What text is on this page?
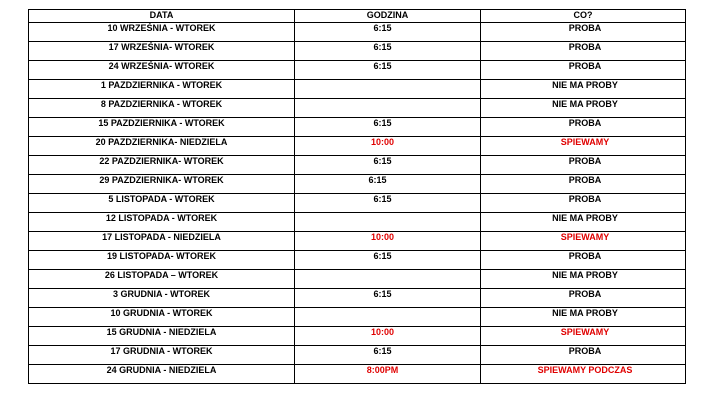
DATA	GODZINA	CO?
10 WRZEŚNIA - WTOREK	6:15	PROBA
17 WRZEŚNIA- WTOREK	6:15	PROBA
24 WRZEŚNIA- WTOREK	6:15	PROBA
1 PAZDZIERNIKA - WTOREK		NIE MA PROBY
8 PAZDZIERNIKA - WTOREK		NIE MA PROBY
15 PAZDZIERNIKA - WTOREK	6:15	PROBA
20 PAZDZIERNIKA- NIEDZIELA	10:00	SPIEWAMY
22 PAZDZIERNIKA- WTOREK	6:15	PROBA
29 PAZDZIERNIKA- WTOREK	6:15	PROBA
5 LISTOPADA - WTOREK	6:15	PROBA
12 LISTOPADA - WTOREK		NIE MA PROBY
17 LISTOPADA - NIEDZIELA	10:00	SPIEWAMY
19 LISTOPADA- WTOREK	6:15	PROBA
26 LISTOPADA – WTOREK		NIE MA PROBY
3 GRUDNIA - WTOREK	6:15	PROBA
10 GRUDNIA - WTOREK		NIE MA PROBY
15 GRUDNIA - NIEDZIELA	10:00	SPIEWAMY
17 GRUDNIA - WTOREK	6:15	PROBA
24 GRUDNIA - NIEDZIELA	8:00PM	SPIEWAMY PODCZAS
